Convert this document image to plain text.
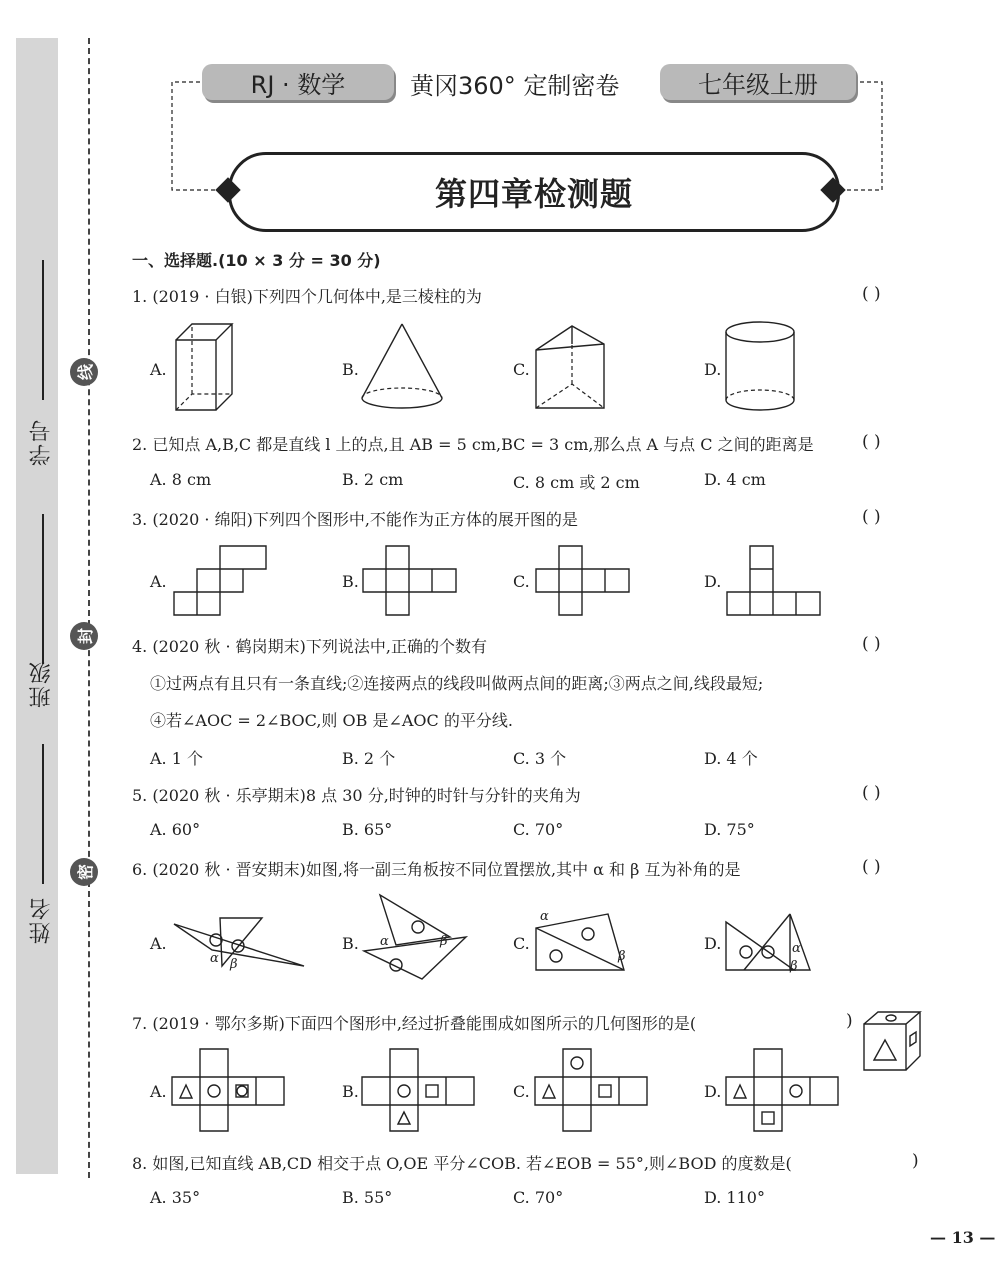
学号
班级
姓名
线
封
密
RJ · 数学	黄冈360° 定制密卷	七年级上册
第四章检测题
一、选择题.(10 × 3 分 = 30 分)
1. (2019 · 白银)下列四个几何体中,是三棱柱的为	( )
A.	B.	C.	D.
2. 已知点 A,B,C 都是直线 l 上的点,且 AB = 5 cm,BC = 3 cm,那么点 A 与点 C 之间的距离是	( )
A. 8 cm	B. 2 cm	C. 8 cm 或 2 cm	D. 4 cm
3. (2020 · 绵阳)下列四个图形中,不能作为正方体的展开图的是	( )
A.	B.	C.	D.
4. (2020 秋 · 鹤岗期末)下列说法中,正确的个数有	( )
①过两点有且只有一条直线;②连接两点的线段叫做两点间的距离;③两点之间,线段最短;
④若∠AOC = 2∠BOC,则 OB 是∠AOC 的平分线.
A. 1 个	B. 2 个	C. 3 个	D. 4 个
5. (2020 秋 · 乐亭期末)8 点 30 分,时钟的时针与分针的夹角为	( )
A. 60°	B. 65°	C. 70°	D. 75°
6. (2020 秋 · 晋安期末)如图,将一副三角板按不同位置摆放,其中 α 和 β 互为补角的是	( )
A.	B.	C.	D.
α β
α	β
α
β
α
β
7. (2019 · 鄂尔多斯)下面四个图形中,经过折叠能围成如图所示的几何图形的是(	)
A.	B.	C.	D.
8. 如图,已知直线 AB,CD 相交于点 O,OE 平分∠COB. 若∠EOB = 55°,则∠BOD 的度数是(	)
A. 35°	B. 55°	C. 70°	D. 110°
— 13 —
